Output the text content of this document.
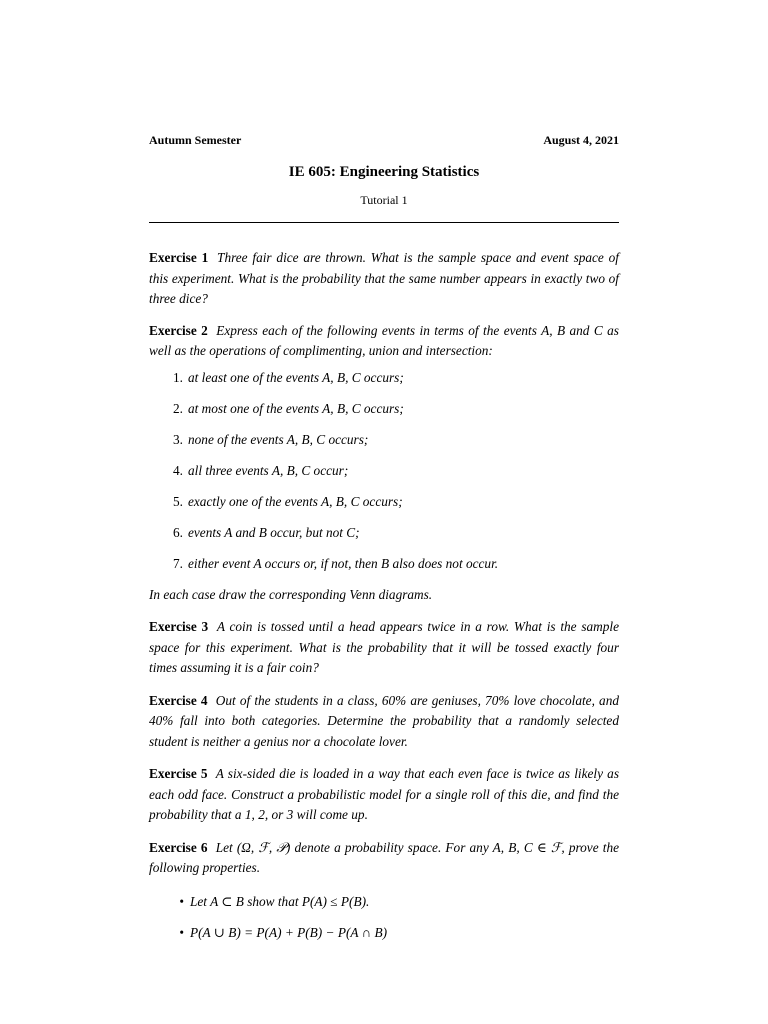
Autumn Semester	August 4, 2021
IE 605: Engineering Statistics
Tutorial 1

Exercise 1 Three fair dice are thrown. What is the sample space and event space of this experiment. What is the probability that the same number appears in exactly two of three dice?

Exercise 2 Express each of the following events in terms of the events A, B and C as well as the operations of complimenting, union and intersection:

1. at least one of the events A, B, C occurs;
2. at most one of the events A, B, C occurs;
3. none of the events A, B, C occurs;
4. all three events A, B, C occur;
5. exactly one of the events A, B, C occurs;
6. events A and B occur, but not C;
7. either event A occurs or, if not, then B also does not occur.

In each case draw the corresponding Venn diagrams.

Exercise 3 A coin is tossed until a head appears twice in a row. What is the sample space for this experiment. What is the probability that it will be tossed exactly four times assuming it is a fair coin?

Exercise 4 Out of the students in a class, 60% are geniuses, 70% love chocolate, and 40% fall into both categories. Determine the probability that a randomly selected student is neither a genius nor a chocolate lover.

Exercise 5 A six-sided die is loaded in a way that each even face is twice as likely as each odd face. Construct a probabilistic model for a single roll of this die, and find the probability that a 1, 2, or 3 will come up.

Exercise 6 Let (Ω, ℱ, 𝒫) denote a probability space. For any A, B, C ∈ ℱ, prove the following properties.

• Let A ⊂ B show that P(A) ≤ P(B).
• P(A ∪ B) = P(A) + P(B) − P(A ∩ B)
